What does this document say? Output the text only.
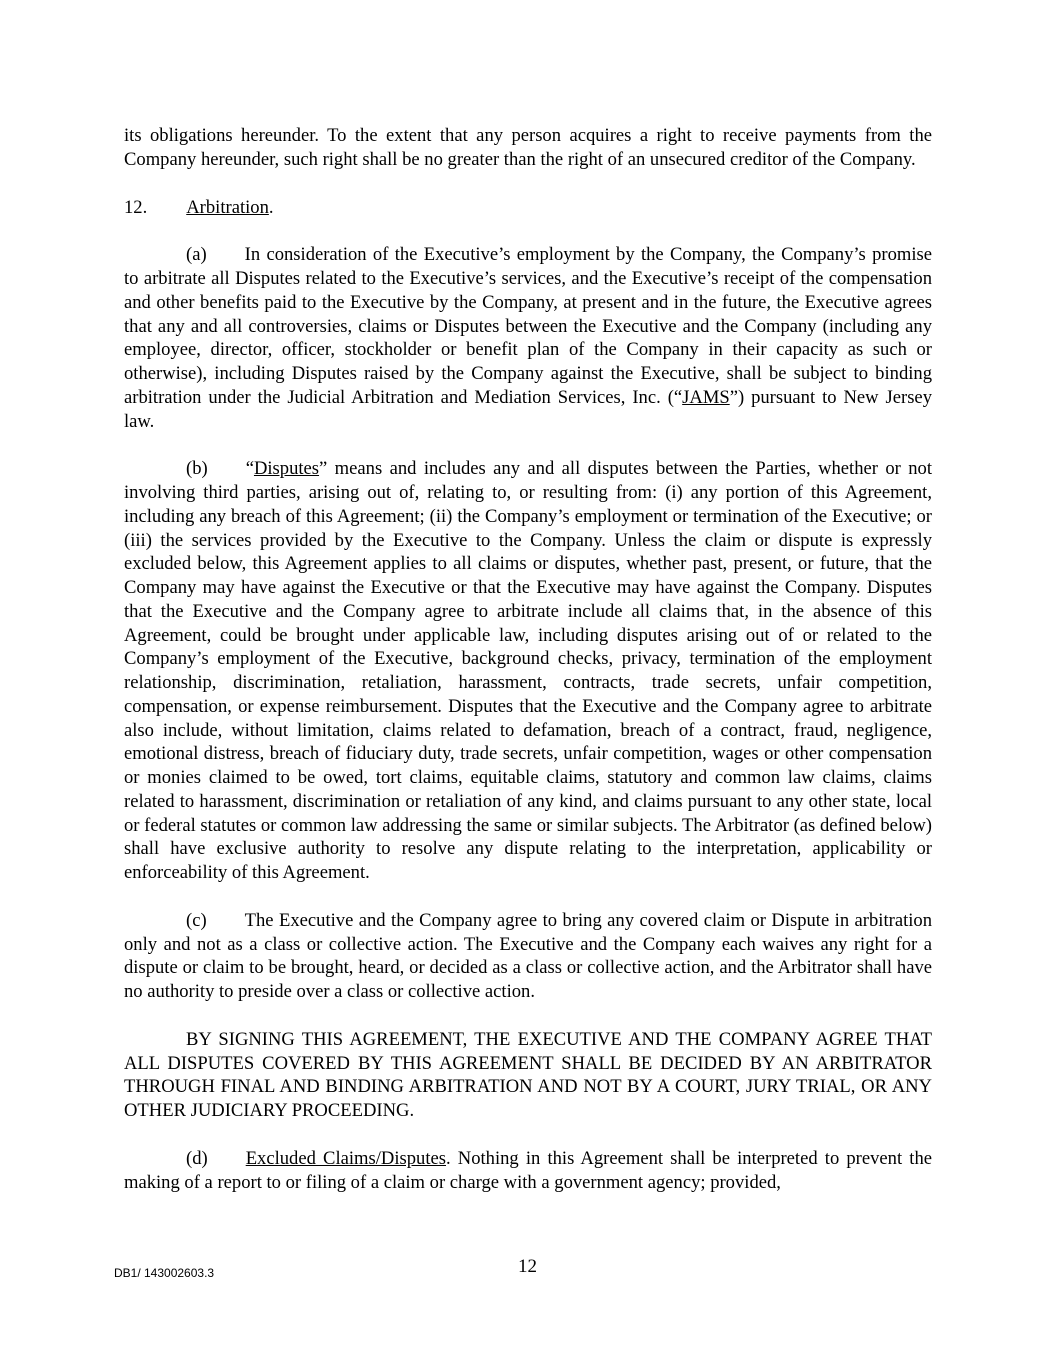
its obligations hereunder. To the extent that any person acquires a right to receive payments from the Company hereunder, such right shall be no greater than the right of an unsecured creditor of the Company.

12. Arbitration.

(a) In consideration of the Executive’s employment by the Company, the Company’s promise to arbitrate all Disputes related to the Executive’s services, and the Executive’s receipt of the compensation and other benefits paid to the Executive by the Company, at present and in the future, the Executive agrees that any and all controversies, claims or Disputes between the Executive and the Company (including any employee, director, officer, stockholder or benefit plan of the Company in their capacity as such or otherwise), including Disputes raised by the Company against the Executive, shall be subject to binding arbitration under the Judicial Arbitration and Mediation Services, Inc. (“JAMS”) pursuant to New Jersey law.

(b) “Disputes” means and includes any and all disputes between the Parties, whether or not involving third parties, arising out of, relating to, or resulting from: (i) any portion of this Agreement, including any breach of this Agreement; (ii) the Company’s employment or termination of the Executive; or (iii) the services provided by the Executive to the Company. Unless the claim or dispute is expressly excluded below, this Agreement applies to all claims or disputes, whether past, present, or future, that the Company may have against the Executive or that the Executive may have against the Company. Disputes that the Executive and the Company agree to arbitrate include all claims that, in the absence of this Agreement, could be brought under applicable law, including disputes arising out of or related to the Company’s employment of the Executive, background checks, privacy, termination of the employment relationship, discrimination, retaliation, harassment, contracts, trade secrets, unfair competition, compensation, or expense reimbursement. Disputes that the Executive and the Company agree to arbitrate also include, without limitation, claims related to defamation, breach of a contract, fraud, negligence, emotional distress, breach of fiduciary duty, trade secrets, unfair competition, wages or other compensation or monies claimed to be owed, tort claims, equitable claims, statutory and common law claims, claims related to harassment, discrimination or retaliation of any kind, and claims pursuant to any other state, local or federal statutes or common law addressing the same or similar subjects. The Arbitrator (as defined below) shall have exclusive authority to resolve any dispute relating to the interpretation, applicability or enforceability of this Agreement.

(c) The Executive and the Company agree to bring any covered claim or Dispute in arbitration only and not as a class or collective action. The Executive and the Company each waives any right for a dispute or claim to be brought, heard, or decided as a class or collective action, and the Arbitrator shall have no authority to preside over a class or collective action.

BY SIGNING THIS AGREEMENT, THE EXECUTIVE AND THE COMPANY AGREE THAT ALL DISPUTES COVERED BY THIS AGREEMENT SHALL BE DECIDED BY AN ARBITRATOR THROUGH FINAL AND BINDING ARBITRATION AND NOT BY A COURT, JURY TRIAL, OR ANY OTHER JUDICIARY PROCEEDING.

(d) Excluded Claims/Disputes. Nothing in this Agreement shall be interpreted to prevent the making of a report to or filing of a claim or charge with a government agency; provided,

DB1/ 143002603.3	12
